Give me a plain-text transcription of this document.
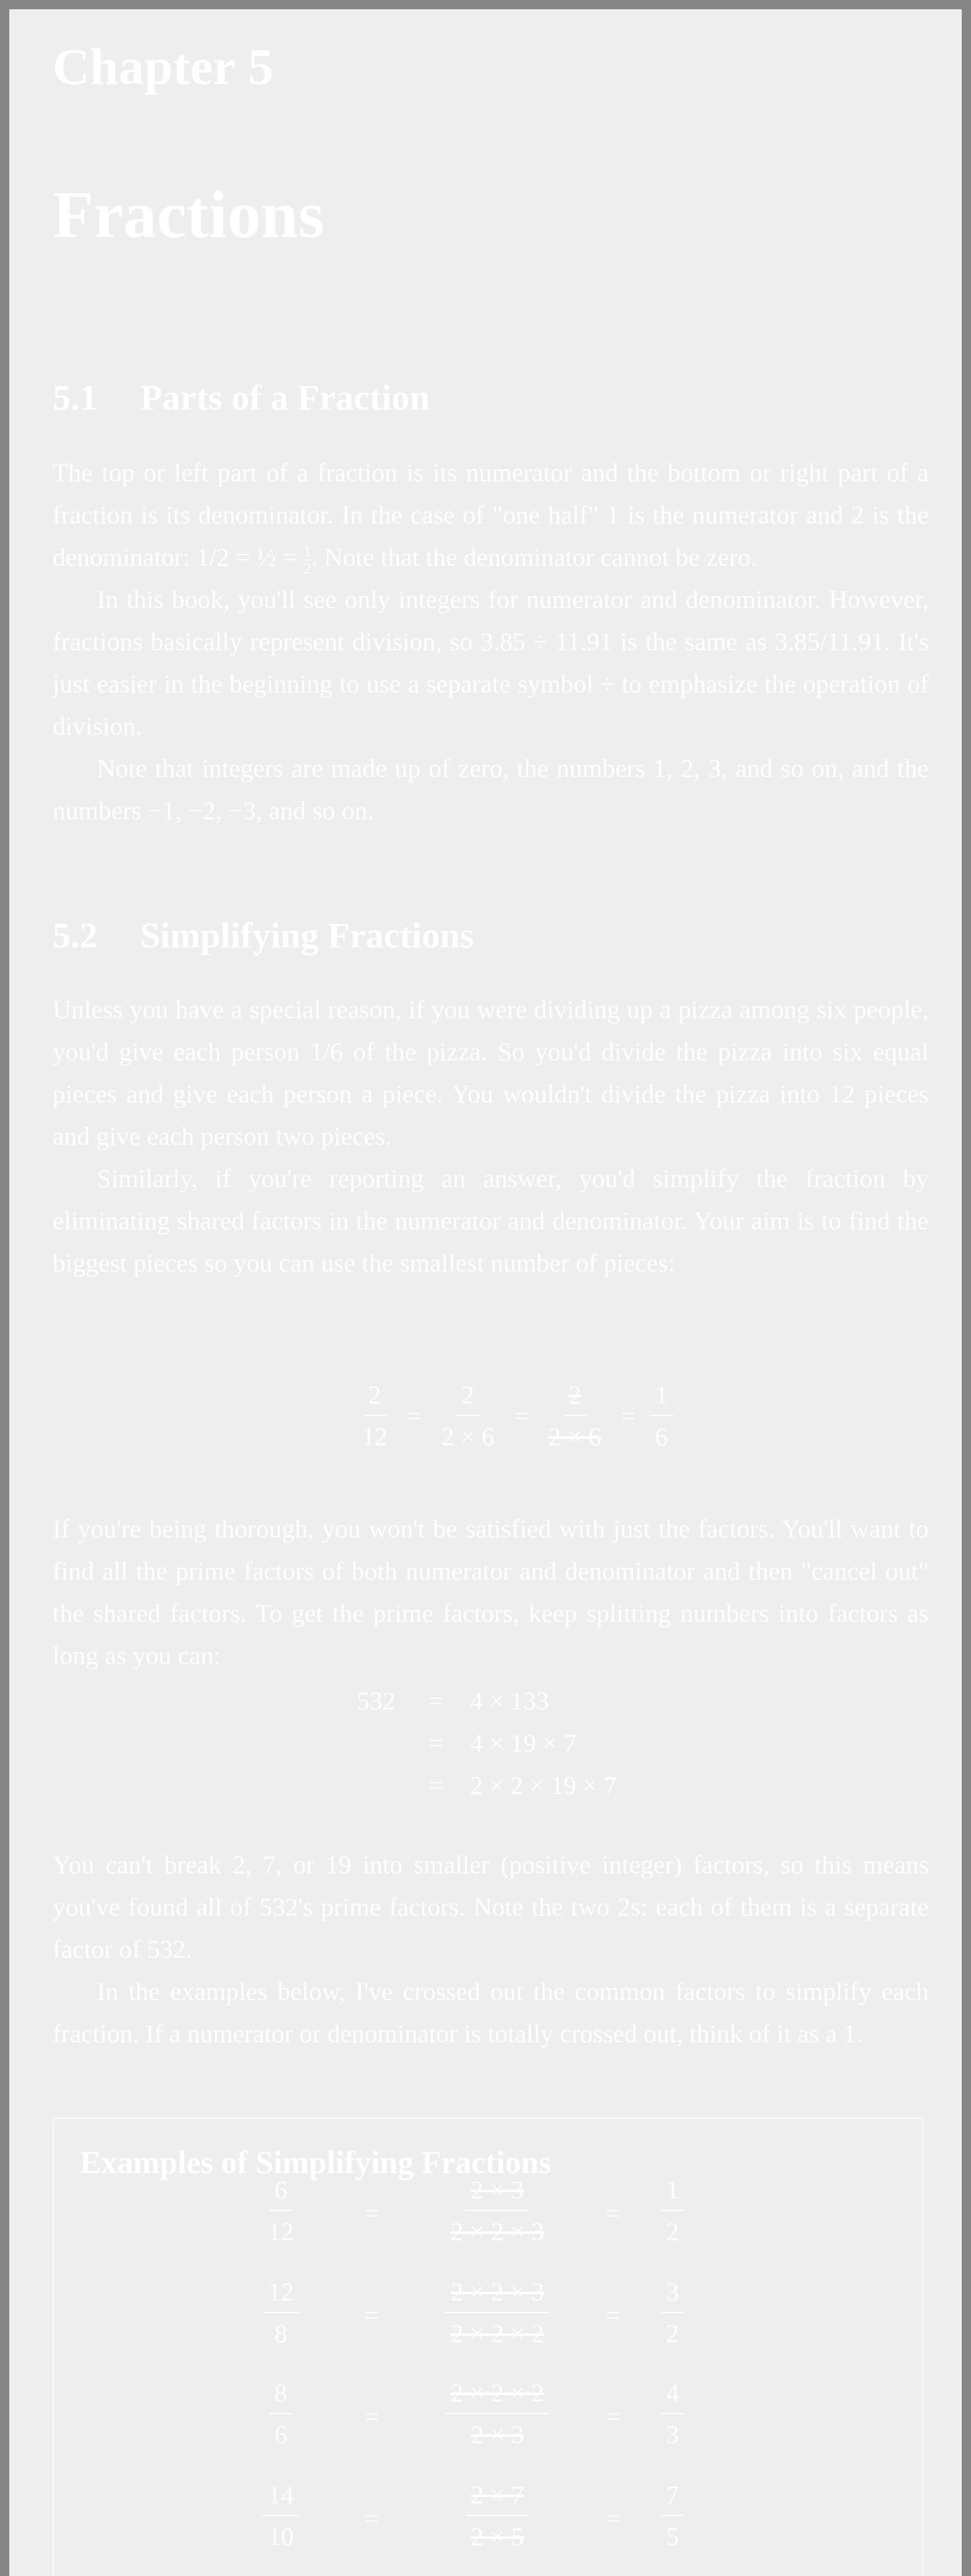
Chapter 5
Fractions
5.1 Parts of a Fraction

The top or left part of a fraction is its numerator and the bottom or right part of a fraction is its denominator. In the case of "one half" 1 is the numerator and 2 is the denominator: 1/2 = ½ = $\frac{1}{2}$ . Note that the denominator cannot be zero.

In this book, you'll see only integers for numerator and denominator. However, fractions basically represent division, so 3.85 ÷ 11.91 is the same as 3.85/11.91. It's just easier in the beginning to use a separate symbol ÷ to emphasize the operation of division.

Note that integers are made up of zero, the numbers 1, 2, 3, and so on, and the numbers −1, −2, −3, and so on.

5.2 Simplifying Fractions

Unless you have a special reason, if you were dividing up a pizza among six people, you'd give each person 1/6 of the pizza. So you'd divide the pizza into six equal pieces and give each person a piece. You wouldn't divide the pizza into 12 pieces and give each person two pieces.

Similarly, if you're reporting an answer, you'd simplify the fraction by eliminating shared factors in the numerator and denominator. Your aim is to find the biggest pieces so you can use the smallest number of pieces:

$\frac{2}{12} = \frac{2}{2 \times 6} = \frac{2}{2 \times 6} = \frac{1}{6}$

If you're being thorough, you won't be satisfied with just the factors. You'll want to find all the prime factors of both numerator and denominator and then "cancel out" the shared factors. To get the prime factors, keep splitting numbers into factors as long as you can:

532 = 4 × 133
= 4 × 19 × 7
= 2 × 2 × 19 × 7

You can't break 2, 7, or 19 into smaller (positive integer) factors, so this means you've found all of 532's prime factors. Note the two 2s: each of them is a separate factor of 532.

In the examples below, I've crossed out the common factors to simplify each fraction. If a numerator or denominator is totally crossed out, think of it as a 1.

Examples of Simplifying Fractions
$\frac{6}{12}$	=	$\frac{2 \times 3}{2 \times 2 \times 3} = \frac{1}{2}$
$\frac{12}{8}$	=	$\frac{2 \times 2 \times 3}{2 \times 2 \times 2} = \frac{3}{2}$
$\frac{8}{6}$	=	$\frac{2 \times 2 \times 2}{2 \times 3} = \frac{4}{3}$
$\frac{14}{10}$	=	$\frac{2 \times 7}{2 \times 5}$	= $\frac{7}{5}$
